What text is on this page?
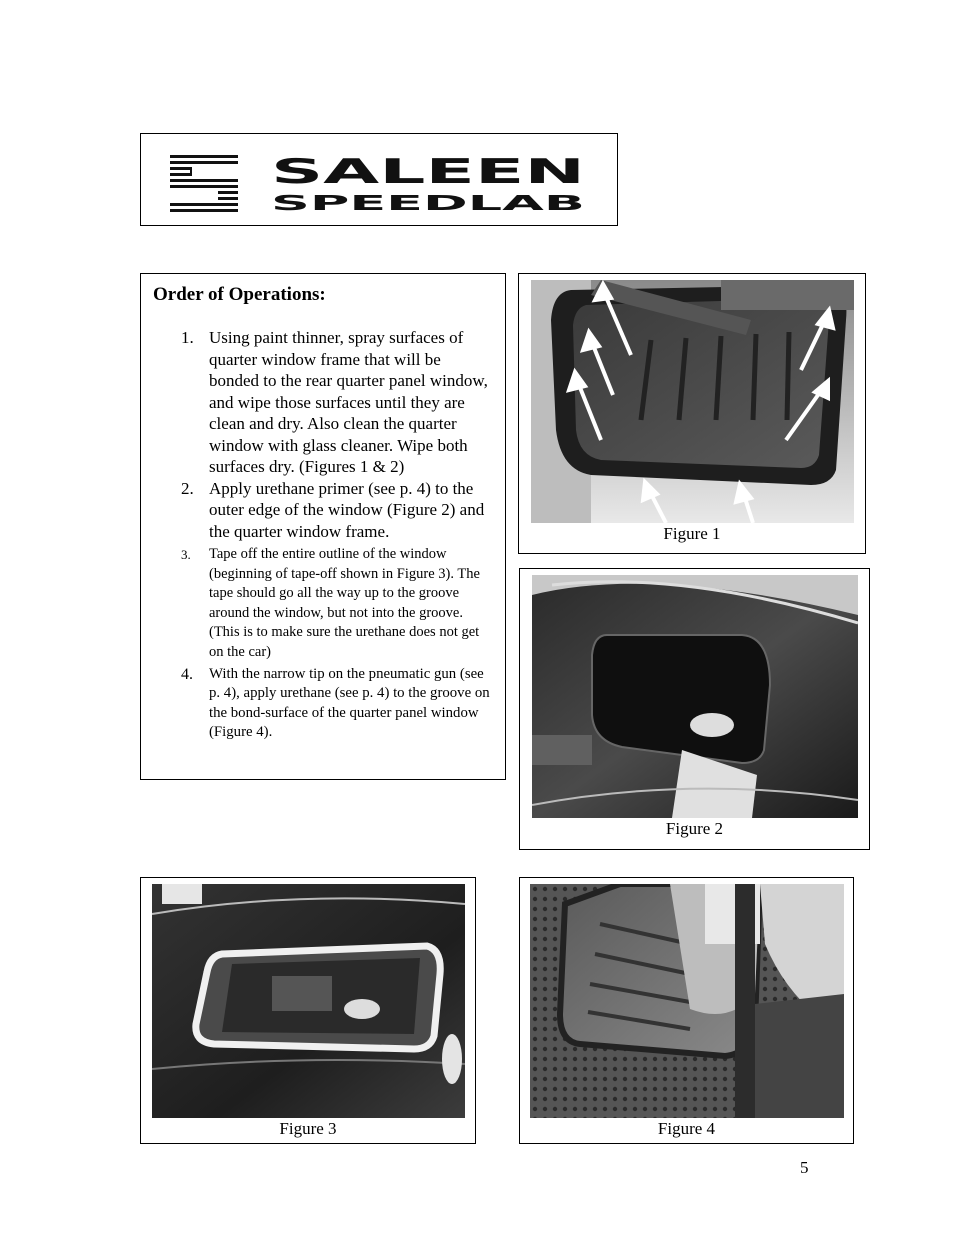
SALEEN
SPEEDLAB
Order of Operations:
1. Using paint thinner, spray surfaces of quarter window frame that will be bonded to the rear quarter panel window, and wipe those surfaces until they are clean and dry. Also clean the quarter window with glass cleaner. Wipe both surfaces dry. (Figures 1 & 2)
2. Apply urethane primer (see p. 4) to the outer edge of the window (Figure 2) and the quarter window frame.
3. Tape off the entire outline of the window (beginning of tape-off shown in Figure 3). The tape should go all the way up to the groove around the window, but not into the groove. (This is to make sure the urethane does not get on the car)
4. With the narrow tip on the pneumatic gun (see p. 4), apply urethane (see p. 4) to the groove on the bond-surface of the quarter panel window (Figure 4).
Figure 1
Figure 2
Figure 3	Figure 4
5
